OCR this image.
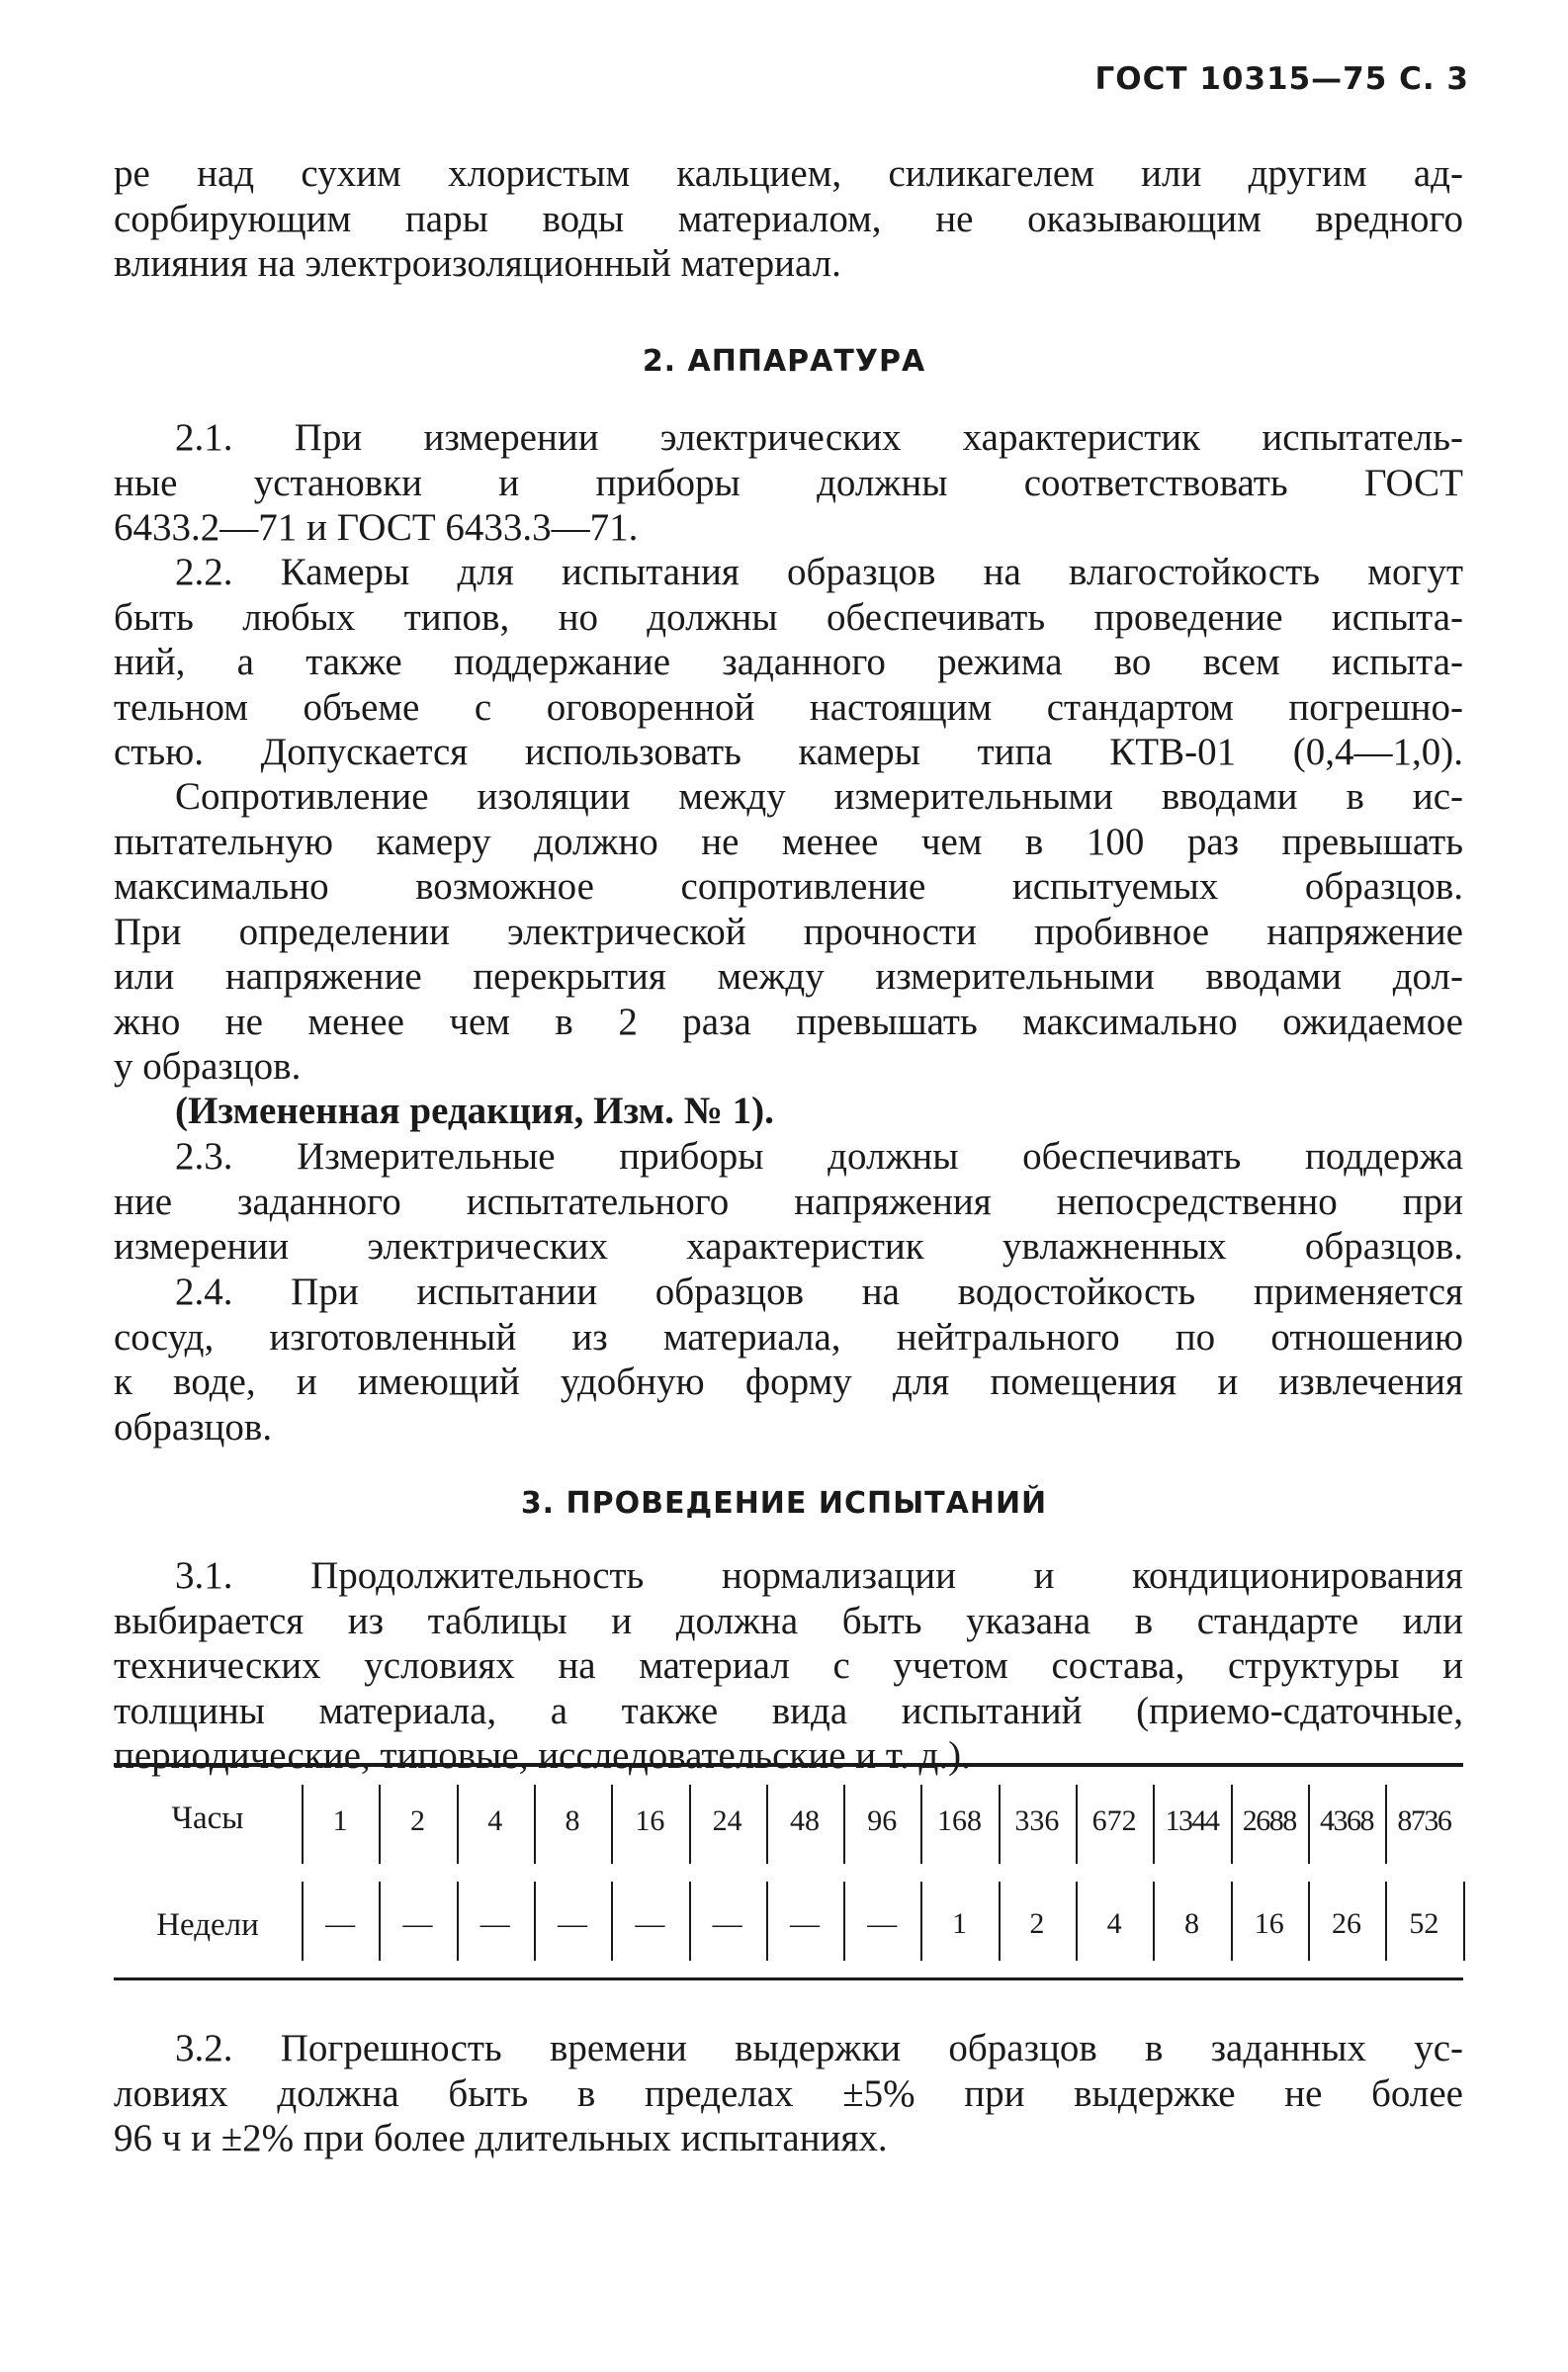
ГОСТ 10315—75 С. 3
ре над сухим хлористым кальцием, силикагелем или другим ад-
сорбирующим пары воды материалом, не оказывающим вредного
влияния на электроизоляционный материал.
2. АППАРАТУРА
2.1. При измерении электрических характеристик испытатель-
ные установки и приборы должны соответствовать ГОСТ
6433.2—71 и ГОСТ 6433.3—71.
2.2. Камеры для испытания образцов на влагостойкость могут
быть любых типов, но должны обеспечивать проведение испыта-
ний, а также поддержание заданного режима во всем испыта-
тельном объеме с оговоренной настоящим стандартом погрешно-
стью. Допускается использовать камеры типа КТВ-01 (0,4—1,0).
Сопротивление изоляции между измерительными вводами в ис-
пытательную камеру должно не менее чем в 100 раз превышать
максимально возможное сопротивление испытуемых образцов.
При определении электрической прочности пробивное напряжение
или напряжение перекрытия между измерительными вводами дол-
жно не менее чем в 2 раза превышать максимально ожидаемое
у образцов.
(Измененная редакция, Изм. № 1).
2.3. Измерительные приборы должны обеспечивать поддержа
ние заданного испытательного напряжения непосредственно при
измерении электрических характеристик увлажненных образцов.
2.4. При испытании образцов на водостойкость применяется
сосуд, изготовленный из материала, нейтрального по отношению
к воде, и имеющий удобную форму для помещения и извлечения
образцов.
3. ПРОВЕДЕНИЕ ИСПЫТАНИЙ
3.1. Продолжительность нормализации и кондиционирования
выбирается из таблицы и должна быть указана в стандарте или
технических условиях на материал с учетом состава, структуры и
толщины материала, а также вида испытаний (приемо-сдаточные,
периодические, типовые, исследовательские и т. д.).
Часы
Недели
1
—
2
—
4
—
8
—
16
—
24
—
48
—
96
—
168
1
336
2
672
4
1344
8
2688
16
4368
26
8736
52
3.2. Погрешность времени выдержки образцов в заданных ус-
ловиях должна быть в пределах ±5% при выдержке не более
96 ч и ±2% при более длительных испытаниях.
